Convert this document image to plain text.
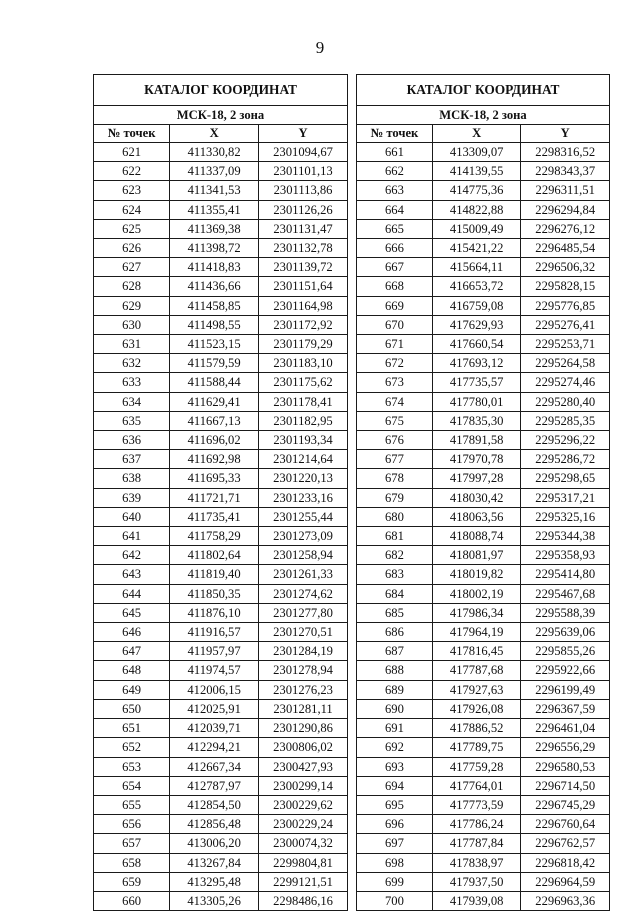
9
КАТАЛОГ КООРДИНАТ		
МСК-18, 2 зона		
№ точек	X	Y
621	411330,82	2301094,67
622	411337,09	2301101,13
623	411341,53	2301113,86
624	411355,41	2301126,26
625	411369,38	2301131,47
626	411398,72	2301132,78
627	411418,83	2301139,72
628	411436,66	2301151,64
629	411458,85	2301164,98
630	411498,55	2301172,92
631	411523,15	2301179,29
632	411579,59	2301183,10
633	411588,44	2301175,62
634	411629,41	2301178,41
635	411667,13	2301182,95
636	411696,02	2301193,34
637	411692,98	2301214,64
638	411695,33	2301220,13
639	411721,71	2301233,16
640	411735,41	2301255,44
641	411758,29	2301273,09
642	411802,64	2301258,94
643	411819,40	2301261,33
644	411850,35	2301274,62
645	411876,10	2301277,80
646	411916,57	2301270,51
647	411957,97	2301284,19
648	411974,57	2301278,94
649	412006,15	2301276,23
650	412025,91	2301281,11
651	412039,71	2301290,86
652	412294,21	2300806,02
653	412667,34	2300427,93
654	412787,97	2300299,14
655	412854,50	2300229,62
656	412856,48	2300229,24
657	413006,20	2300074,32
658	413267,84	2299804,81
659	413295,48	2299121,51
660	413305,26	2298486,16
КАТАЛОГ КООРДИНАТ		
МСК-18, 2 зона		
№ точек	X	Y
661	413309,07	2298316,52
662	414139,55	2298343,37
663	414775,36	2296311,51
664	414822,88	2296294,84
665	415009,49	2296276,12
666	415421,22	2296485,54
667	415664,11	2296506,32
668	416653,72	2295828,15
669	416759,08	2295776,85
670	417629,93	2295276,41
671	417660,54	2295253,71
672	417693,12	2295264,58
673	417735,57	2295274,46
674	417780,01	2295280,40
675	417835,30	2295285,35
676	417891,58	2295296,22
677	417970,78	2295286,72
678	417997,28	2295298,65
679	418030,42	2295317,21
680	418063,56	2295325,16
681	418088,74	2295344,38
682	418081,97	2295358,93
683	418019,82	2295414,80
684	418002,19	2295467,68
685	417986,34	2295588,39
686	417964,19	2295639,06
687	417816,45	2295855,26
688	417787,68	2295922,66
689	417927,63	2296199,49
690	417926,08	2296367,59
691	417886,52	2296461,04
692	417789,75	2296556,29
693	417759,28	2296580,53
694	417764,01	2296714,50
695	417773,59	2296745,29
696	417786,24	2296760,64
697	417787,84	2296762,57
698	417838,97	2296818,42
699	417937,50	2296964,59
700	417939,08	2296963,36
